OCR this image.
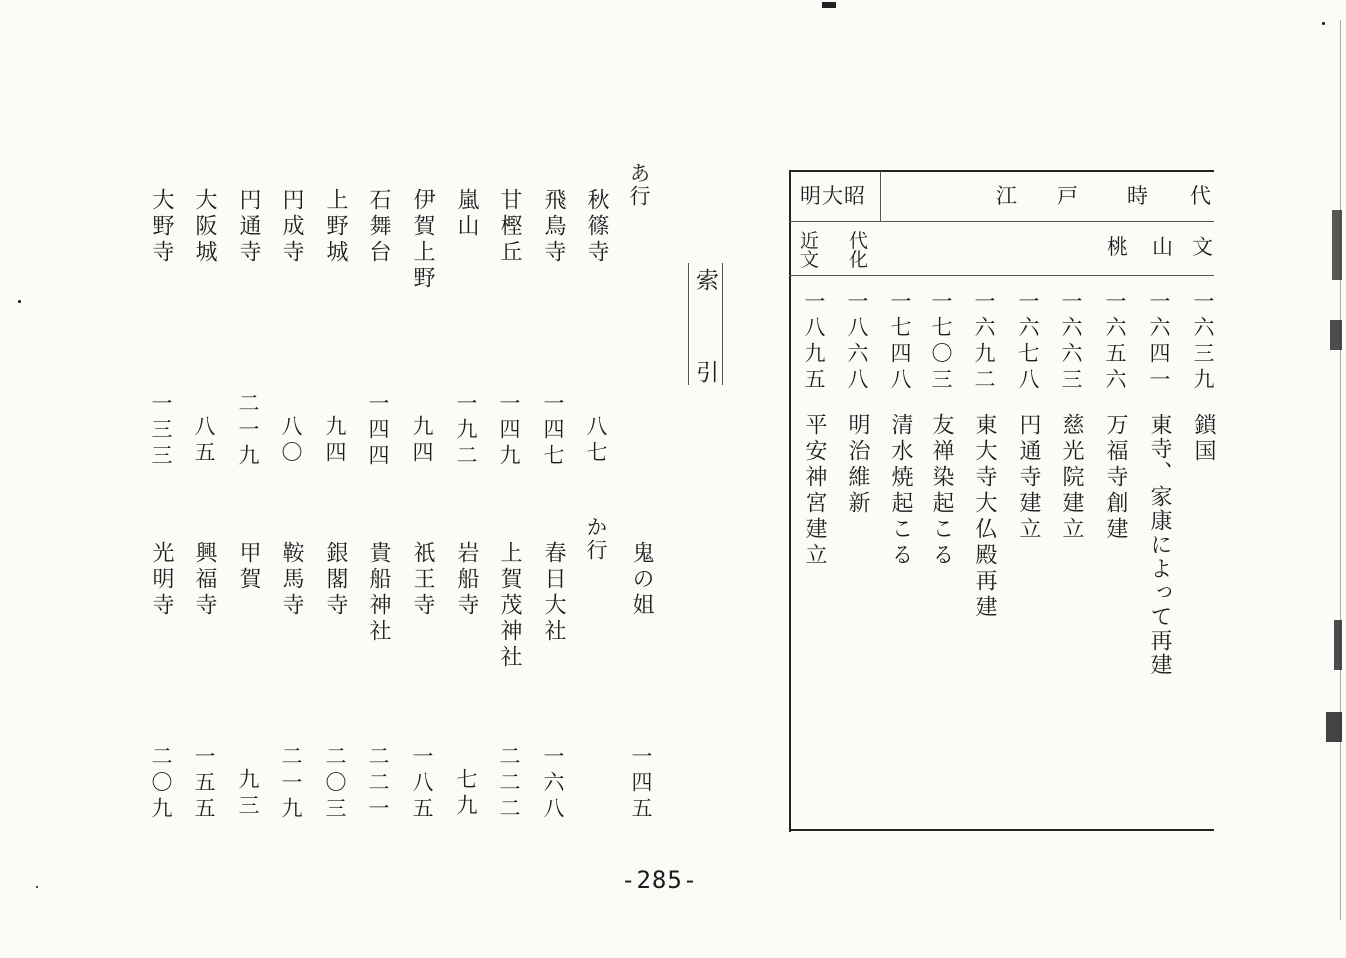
明大昭	江 戸 時 代
近文
代化
桃 山 文
一六三九
鎖国
一六四一
東寺、家康によって再建
一六五六
万福寺創建
一六六三
慈光院建立
一六七八
円通寺建立
一六九二
東大寺大仏殿再建
一七〇三
友禅染起こる
一七四八
清水焼起こる
一八六八
明治維新
一八九五
平安神宮建立
索
引
あ行
鬼の姐
一四五
秋篠寺
八七
飛鳥寺
一四七
甘樫丘
一四九
嵐山
一九二
伊賀上野
九四
石舞台
一四四
上野城
九四
円成寺
八〇
円通寺
二一九
大阪城
八五
大野寺
一三三
か行
春日大社
一六八
上賀茂神社
二二二
岩船寺
七九
祇王寺
一八五
貴船神社
二二一
銀閣寺
二〇三
鞍馬寺
二一九
甲賀
九三
興福寺
一五五
光明寺
二〇九
-285-
